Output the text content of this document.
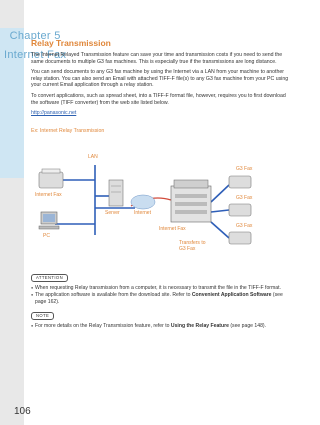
Chapter 5  Internet Fax
Relay Transmission

The Internet Relayed Transmission feature can save your time and transmission costs if you need to send the same documents to multiple G3 fax machines. This is especially true if the transmissions are long distance.

You can send documents to any G3 fax machine by using the Internet via a LAN from your machine to another relay station. You can also send an Email with attached TIFF-F file(s) to any G3 fax machine from your PC using your current Email application through a relay station.

To convert applications, such as spread sheet, into a TIFF-F format file, however, requires you to first download the software (TIFF converter) from the web site listed below.

http://panasonic.net

Ex: Internet Relay Transmission

Internet Fax
PC
LAN
Server	Internet
Internet Fax
Transfers to
G3 Fax
G3 Fax
G3 Fax
G3 Fax
ATTENTION

● When requesting Relay transmission from a computer, it is necessary to transmit the file in the TIFF-F format.

● The application software is available from the download site. Refer to Convenient Application Software (see page 162).

NOTE

● For more details on the Relay Transmission feature, refer to Using the Relay Feature (see page 148).

106
